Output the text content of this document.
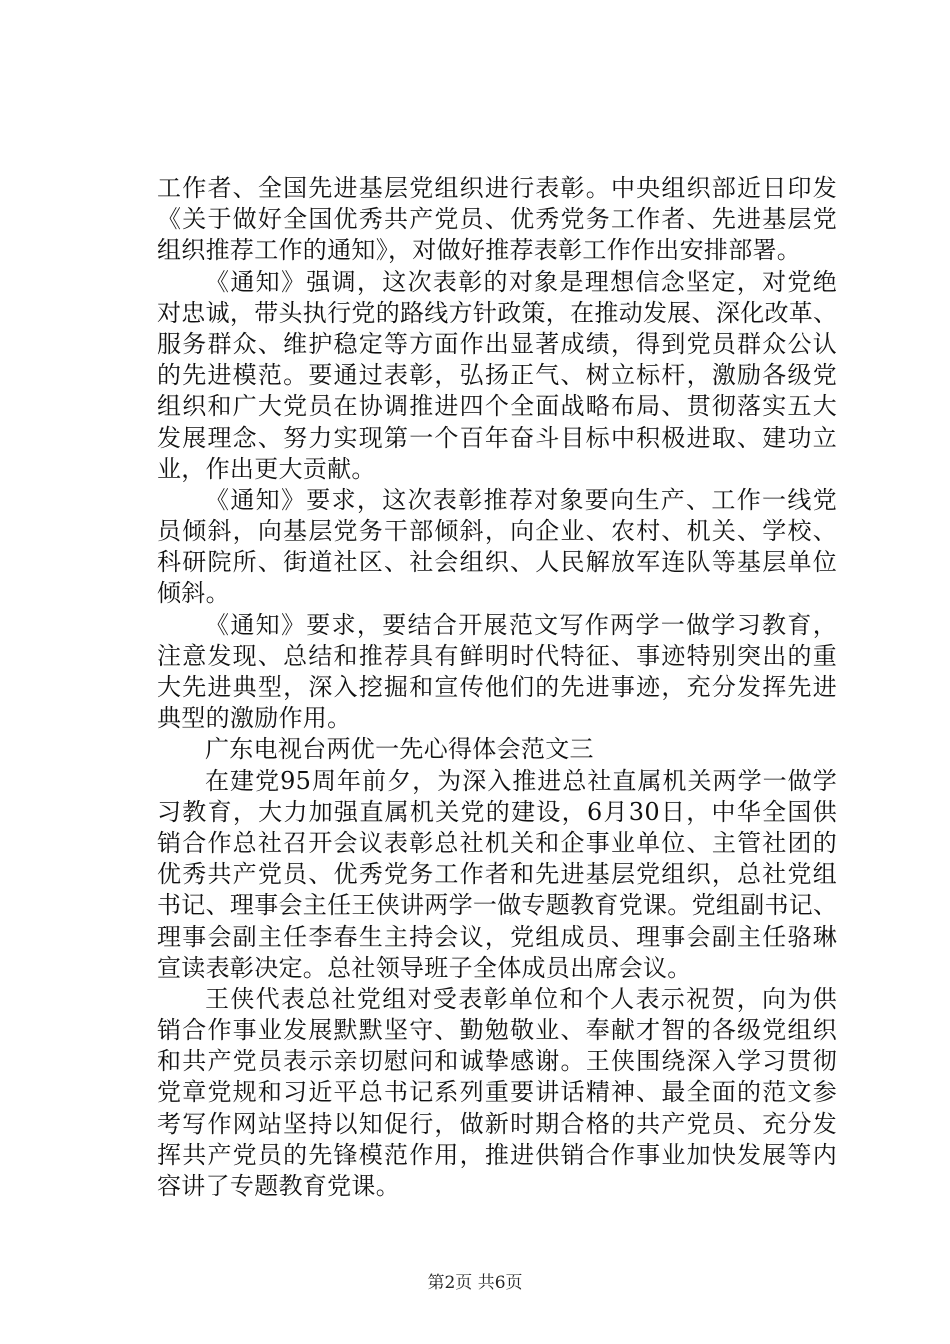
工作者、全国先进基层党组织进行表彰。中央组织部近日印发
《关于做好全国优秀共产党员、优秀党务工作者、先进基层党
组织推荐工作的通知》，对做好推荐表彰工作作出安排部署。
《通知》强调，这次表彰的对象是理想信念坚定，对党绝
对忠诚，带头执行党的路线方针政策，在推动发展、深化改革、
服务群众、维护稳定等方面作出显著成绩，得到党员群众公认
的先进模范。要通过表彰，弘扬正气、树立标杆，激励各级党
组织和广大党员在协调推进四个全面战略布局、贯彻落实五大
发展理念、努力实现第一个百年奋斗目标中积极进取、建功立
业，作出更大贡献。
《通知》要求，这次表彰推荐对象要向生产、工作一线党
员倾斜，向基层党务干部倾斜，向企业、农村、机关、学校、
科研院所、街道社区、社会组织、人民解放军连队等基层单位
倾斜。
《通知》要求，要结合开展范文写作两学一做学习教育，
注意发现、总结和推荐具有鲜明时代特征、事迹特别突出的重
大先进典型，深入挖掘和宣传他们的先进事迹，充分发挥先进
典型的激励作用。
广东电视台两优一先心得体会范文三
在建党95周年前夕，为深入推进总社直属机关两学一做学
习教育，大力加强直属机关党的建设，6月30日，中华全国供
销合作总社召开会议表彰总社机关和企事业单位、主管社团的
优秀共产党员、优秀党务工作者和先进基层党组织，总社党组
书记、理事会主任王侠讲两学一做专题教育党课。党组副书记、
理事会副主任李春生主持会议，党组成员、理事会副主任骆琳
宣读表彰决定。总社领导班子全体成员出席会议。
王侠代表总社党组对受表彰单位和个人表示祝贺，向为供
销合作事业发展默默坚守、勤勉敬业、奉献才智的各级党组织
和共产党员表示亲切慰问和诚挚感谢。王侠围绕深入学习贯彻
党章党规和习近平总书记系列重要讲话精神、最全面的范文参
考写作网站坚持以知促行，做新时期合格的共产党员、充分发
挥共产党员的先锋模范作用，推进供销合作事业加快发展等内
容讲了专题教育党课。
第2页 共6页
